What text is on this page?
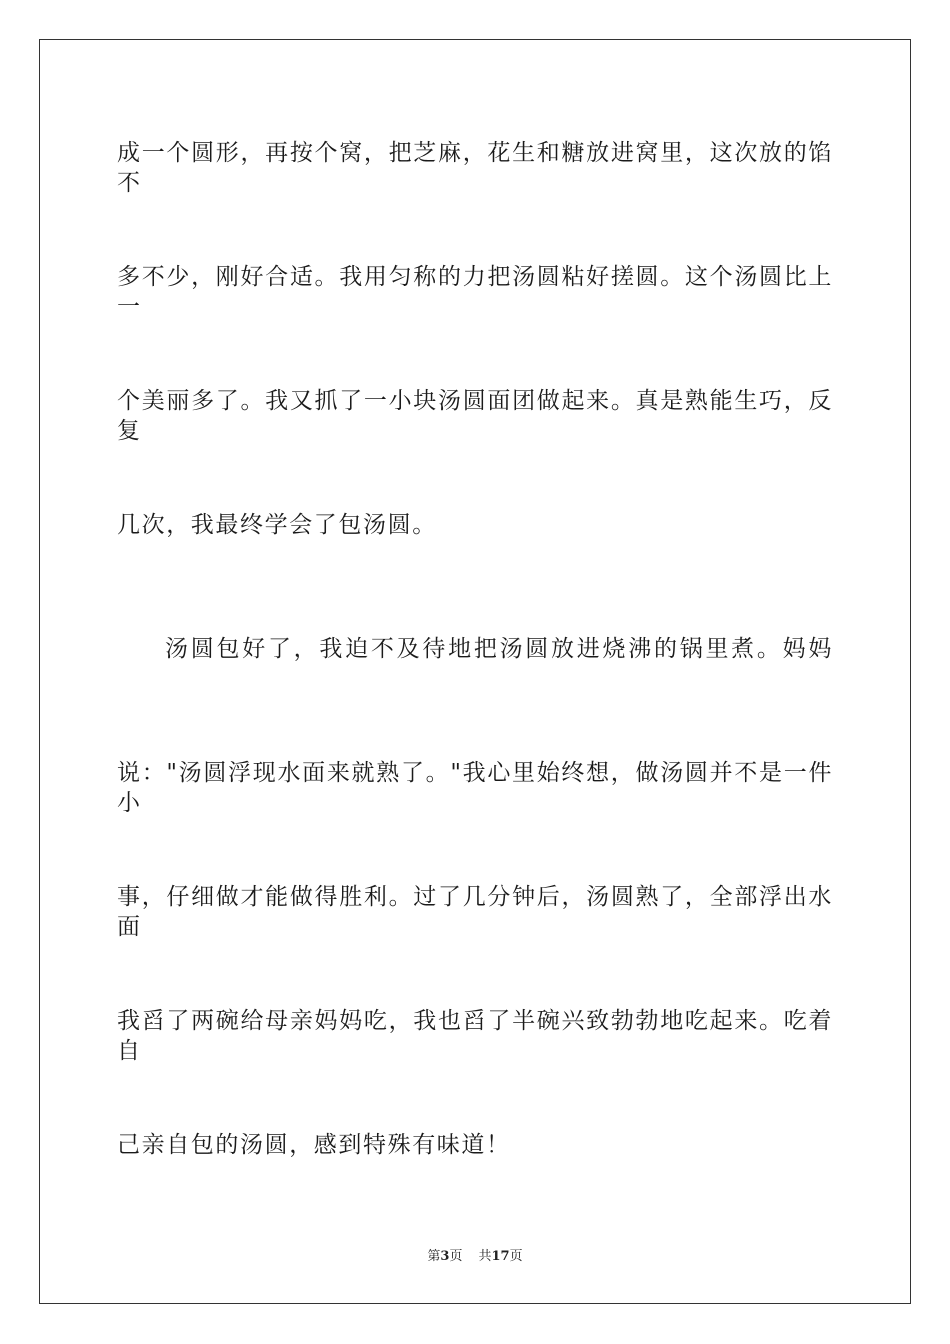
成一个圆形，再按个窝，把芝麻，花生和糖放进窝里，这次放的馅不
多不少，刚好合适。我用匀称的力把汤圆粘好搓圆。这个汤圆比上一
个美丽多了。我又抓了一小块汤圆面团做起来。真是熟能生巧，反复
几次，我最终学会了包汤圆。
汤圆包好了，我迫不及待地把汤圆放进烧沸的锅里煮。妈妈
说："汤圆浮现水面来就熟了。"我心里始终想，做汤圆并不是一件小
事，仔细做才能做得胜利。过了几分钟后，汤圆熟了，全部浮出水面
我舀了两碗给母亲妈妈吃，我也舀了半碗兴致勃勃地吃起来。吃着自
己亲自包的汤圆，感到特殊有味道！
第3页 共17页
